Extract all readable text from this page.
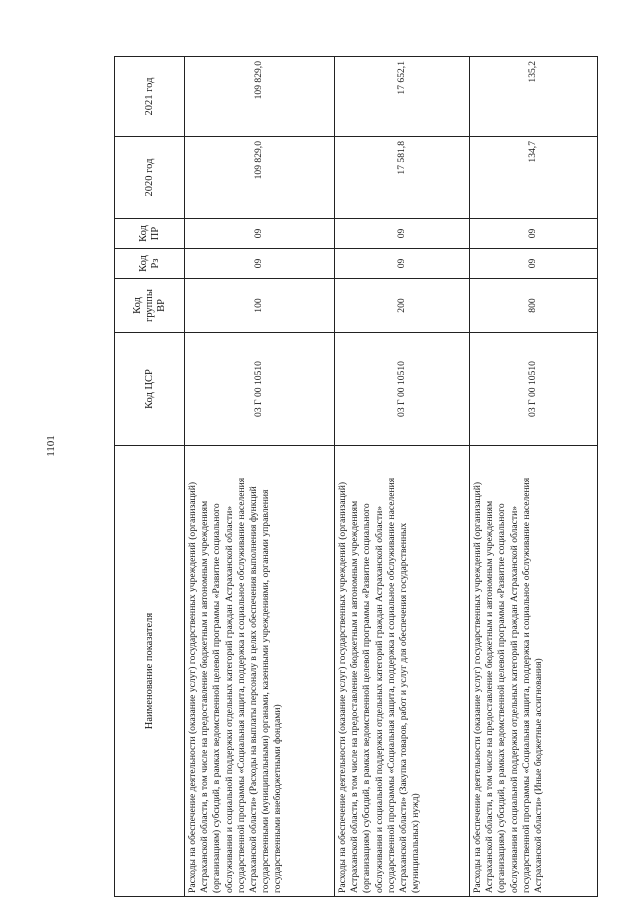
1101
Наименование показателя	Код ЦСР	Код группы ВР	Код Рз	Код ПР	2020 год	2021 год
Расходы на обеспечение деятельности (оказание услуг) государственных учреждений (организаций) Астраханской области, в том числе на предоставление бюджетным и автономным учреждениям (организациям) субсидий, в рамках ведомственной целевой программы «Развитие социального обслуживания и социальной поддержки отдельных категорий граждан Астраханской области» государственной программы «Социальная защита, поддержка и социальное обслуживание населения Астраханской области» (Расходы на выплаты персоналу в целях обеспечения выполнения функций государственными (муниципальными) органами, казенными учреждениями, органами управления государственными внебюджетными фондами)	03 Г 00 10510	100	09	09	109 829,0	109 829,0
Расходы на обеспечение деятельности (оказание услуг) государственных учреждений (организаций) Астраханской области, в том числе на предоставление бюджетным и автономным учреждениям (организациям) субсидий, в рамках ведомственной целевой программы «Развитие социального обслуживания и социальной поддержки отдельных категорий граждан Астраханской области» государственной программы «Социальная защита, поддержка и социальное обслуживание населения Астраханской области» (Закупка товаров, работ и услуг для обеспечения государственных (муниципальных) нужд)	03 Г 00 10510	200	09	09	17 581,8	17 652,1
Расходы на обеспечение деятельности (оказание услуг) государственных учреждений (организаций) Астраханской области, в том числе на предоставление бюджетным и автономным учреждениям (организациям) субсидий, в рамках ведомственной целевой программы «Развитие социального обслуживания и социальной поддержки отдельных категорий граждан Астраханской области» государственной программы «Социальная защита, поддержка и социальное обслуживание населения Астраханской области» (Иные бюджетные ассигнования)	03 Г 00 10510	800	09	09	134,7	135,2
